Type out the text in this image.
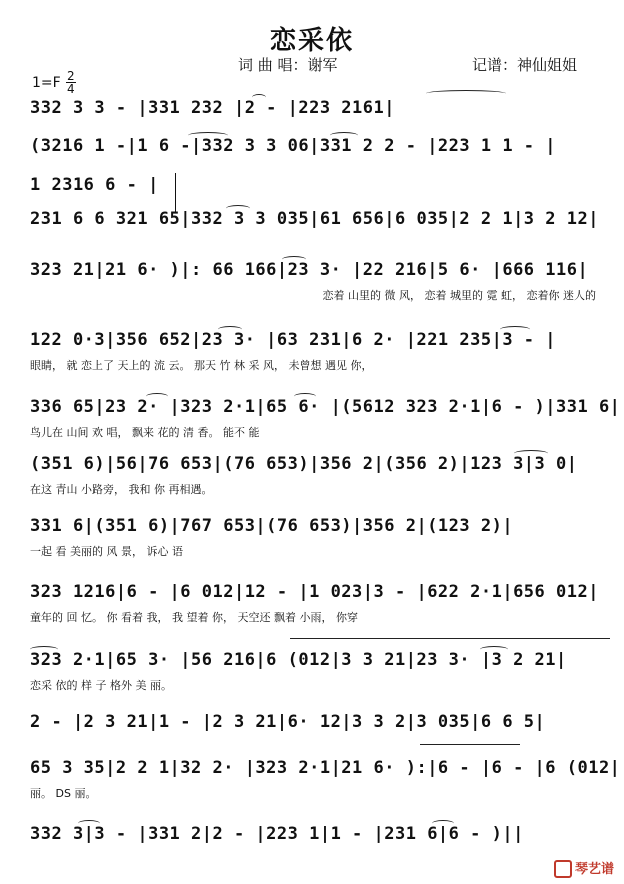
恋采依
词 曲 唱：谢军	记谱：神仙姐姐
$1=F \frac{2}{4}$
332 3 3 - |331 232 |2 - |223 2161|
(3216 1 -|1 6 -|332 3 3 06|331 2 2 - |223 1 1 - |
1 2316 6 - |
231 6 6 321 65|332 3 3 035|61 656|6 035|2 2 1|3 2 12|
323 21|21 6· )|: 66 166|23 3· |22 216|5 6· |666 116|
恋着 山里的 微 风， 恋着 城里的 霓 虹， 恋着你 迷人的
122 0·3|356 652|23 3· |63 231|6 2· |221 235|3 - |
眼睛， 就 恋上了 天上的 流 云。 那天 竹 林 采 风， 未曾想 遇见 你，
336 65|23 2· |323 2·1|65 6· |(5612 323 2·1|6 - )|331 6|
鸟儿在 山间 欢 唱， 飘来 花的 清 香。 能不 能
(351 6)|56|76 653|(76 653)|356 2|(356 2)|123 3|3 0|
在这 青山 小路旁， 我和 你 再相遇。
331 6|(351 6)|767 653|(76 653)|356 2|(123 2)|
一起 看 美丽的 风 景， 诉心 语
323 1216|6 - |6 012|12 - |1 023|3 - |622 2·1|656 012|
童年的 回 忆。 你 看着 我， 我 望着 你， 天空还 飘着 小雨， 你穿
323 2·1|65 3· |56 216|6 (012|3 3 21|23 3· |3 2 21|
恋采 依的 样 子 格外 美 丽。
2 - |2 3 21|1 - |2 3 21|6· 12|3 3 2|3 035|6 6 5|
65 3 35|2 2 1|32 2· |323 2·1|21 6· ):|6 - |6 - |6 (012|
丽。 DS 丽。
332 3|3 - |331 2|2 - |223 1|1 - |231 6|6 - )||
琴艺谱
